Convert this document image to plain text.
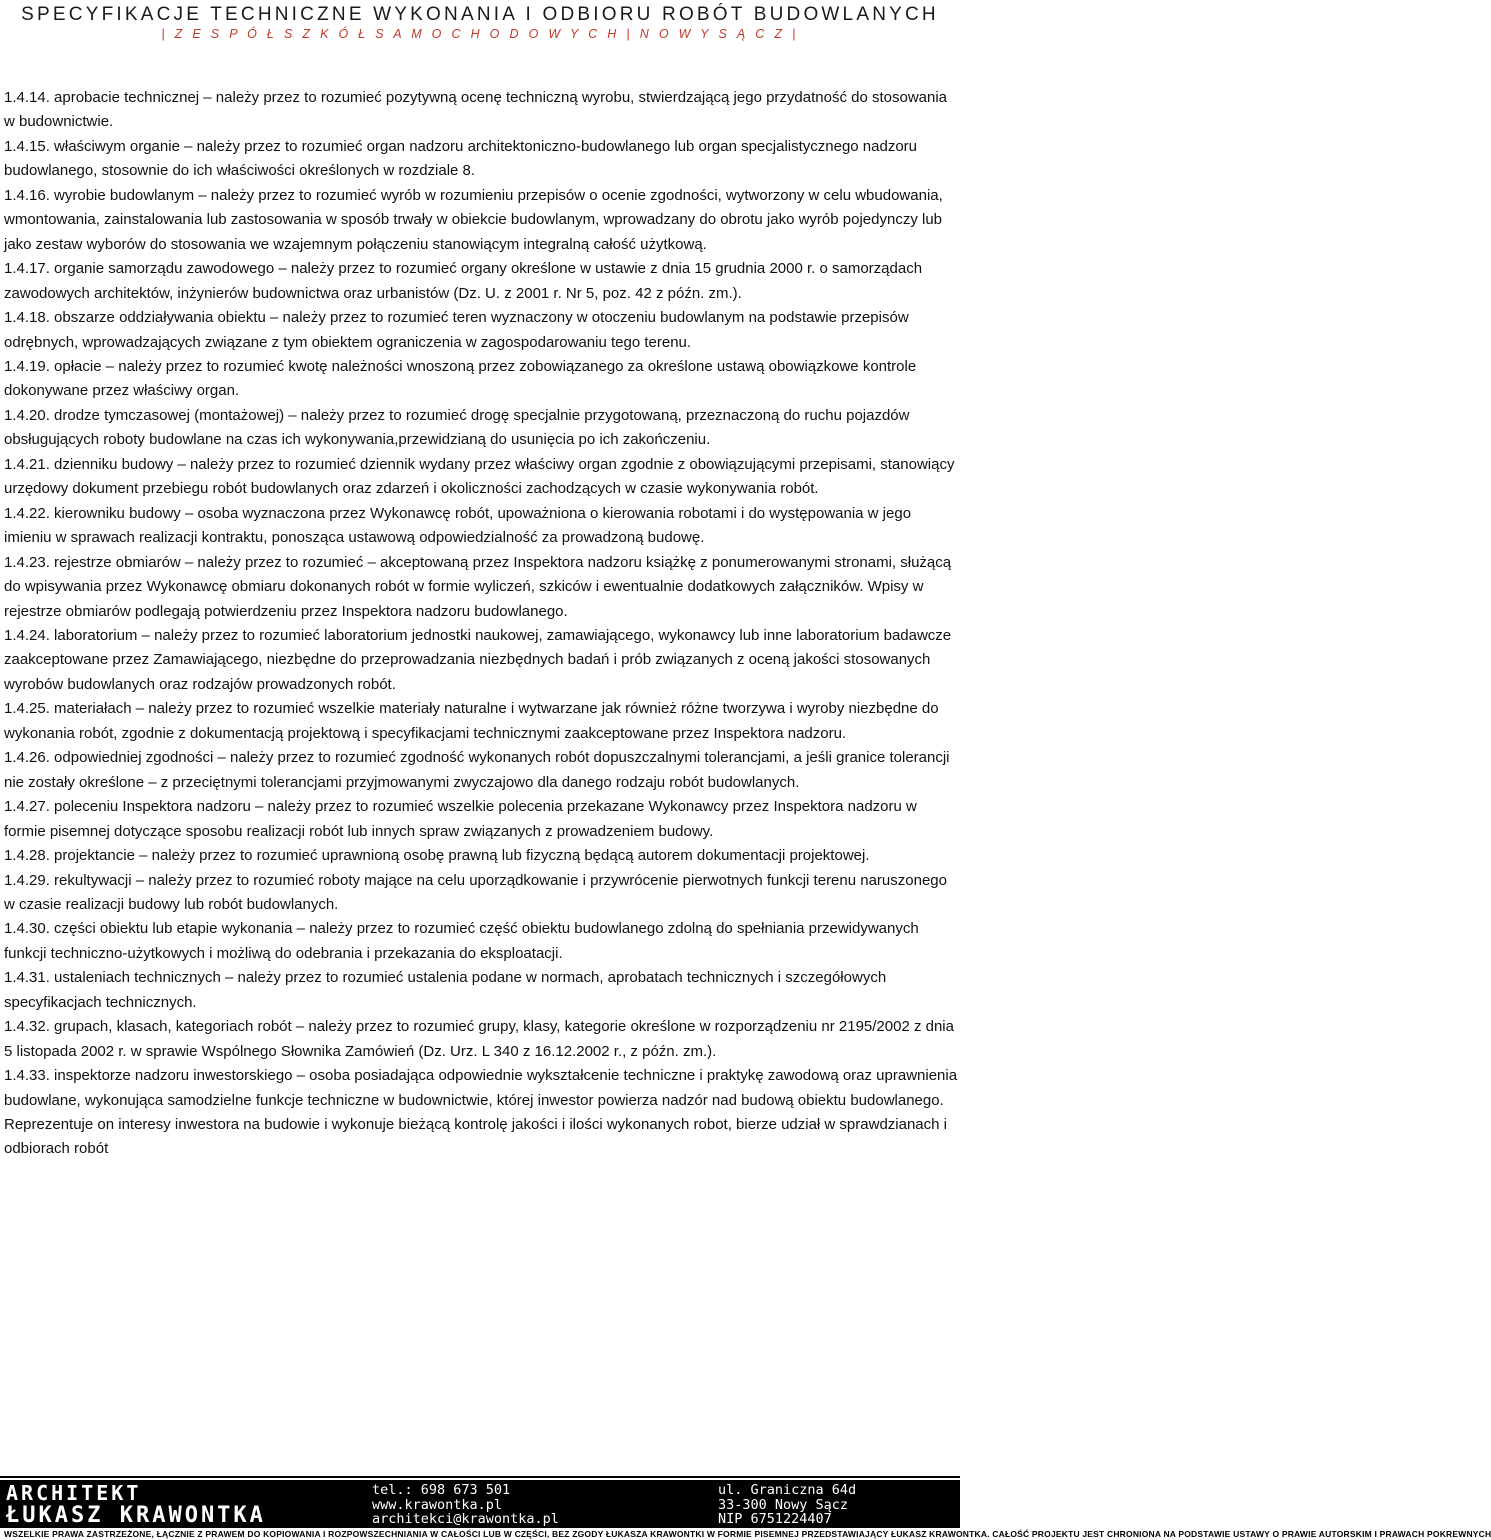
SPECYFIKACJE TECHNICZNE WYKONANIA I ODBIORU ROBÓT BUDOWLANYCH
| Z E S P Ó Ł S Z K Ó Ł S A M O C H O D O W Y C H | N O W Y S Ą C Z |

1.4.14. aprobacie technicznej – należy przez to rozumieć pozytywną ocenę techniczną wyrobu, stwierdzającą jego przydatność do stosowania w budownictwie.

1.4.15. właściwym organie – należy przez to rozumieć organ nadzoru architektoniczno-budowlanego lub organ specjalistycznego nadzoru budowlanego, stosownie do ich właściwości określonych w rozdziale 8.

1.4.16. wyrobie budowlanym – należy przez to rozumieć wyrób w rozumieniu przepisów o ocenie zgodności, wytworzony w celu wbudowania, wmontowania, zainstalowania lub zastosowania w sposób trwały w obiekcie budowlanym, wprowadzany do obrotu jako wyrób pojedynczy lub jako zestaw wyborów do stosowania we wzajemnym połączeniu stanowiącym integralną całość użytkową.

1.4.17. organie samorządu zawodowego – należy przez to rozumieć organy określone w ustawie z dnia 15 grudnia 2000 r. o samorządach zawodowych architektów, inżynierów budownictwa oraz urbanistów (Dz. U. z 2001 r. Nr 5, poz. 42 z późn. zm.).

1.4.18. obszarze oddziaływania obiektu – należy przez to rozumieć teren wyznaczony w otoczeniu budowlanym na podstawie przepisów odrębnych, wprowadzających związane z tym obiektem ograniczenia w zagospodarowaniu tego terenu.

1.4.19. opłacie – należy przez to rozumieć kwotę należności wnoszoną przez zobowiązanego za określone ustawą obowiązkowe kontrole dokonywane przez właściwy organ.

1.4.20. drodze tymczasowej (montażowej) – należy przez to rozumieć drogę specjalnie przygotowaną, przeznaczoną do ruchu pojazdów obsługujących roboty budowlane na czas ich wykonywania,przewidzianą do usunięcia po ich zakończeniu.

1.4.21. dzienniku budowy – należy przez to rozumieć dziennik wydany przez właściwy organ zgodnie z obowiązującymi przepisami, stanowiący urzędowy dokument przebiegu robót budowlanych oraz zdarzeń i okoliczności zachodzących w czasie wykonywania robót.

1.4.22. kierowniku budowy – osoba wyznaczona przez Wykonawcę robót, upoważniona o kierowania robotami i do występowania w jego imieniu w sprawach realizacji kontraktu, ponosząca ustawową odpowiedzialność za prowadzoną budowę.

1.4.23. rejestrze obmiarów – należy przez to rozumieć – akceptowaną przez Inspektora nadzoru książkę z ponumerowanymi stronami, służącą do wpisywania przez Wykonawcę obmiaru dokonanych robót w formie wyliczeń, szkiców i ewentualnie dodatkowych załączników. Wpisy w rejestrze obmiarów podlegają potwierdzeniu przez Inspektora nadzoru budowlanego.

1.4.24. laboratorium – należy przez to rozumieć laboratorium jednostki naukowej, zamawiającego, wykonawcy lub inne laboratorium badawcze zaakceptowane przez Zamawiającego, niezbędne do przeprowadzania niezbędnych badań i prób związanych z oceną jakości stosowanych wyrobów budowlanych oraz rodzajów prowadzonych robót.

1.4.25. materiałach – należy przez to rozumieć wszelkie materiały naturalne i wytwarzane jak również różne tworzywa i wyroby niezbędne do wykonania robót, zgodnie z dokumentacją projektową i specyfikacjami technicznymi zaakceptowane przez Inspektora nadzoru.

1.4.26. odpowiedniej zgodności – należy przez to rozumieć zgodność wykonanych robót dopuszczalnymi tolerancjami, a jeśli granice tolerancji nie zostały określone – z przeciętnymi tolerancjami przyjmowanymi zwyczajowo dla danego rodzaju robót budowlanych.

1.4.27. poleceniu Inspektora nadzoru – należy przez to rozumieć wszelkie polecenia przekazane Wykonawcy przez Inspektora nadzoru w formie pisemnej dotyczące sposobu realizacji robót lub innych spraw związanych z prowadzeniem budowy.

1.4.28. projektancie – należy przez to rozumieć uprawnioną osobę prawną lub fizyczną będącą autorem dokumentacji projektowej.

1.4.29. rekultywacji – należy przez to rozumieć roboty mające na celu uporządkowanie i przywrócenie pierwotnych funkcji terenu naruszonego w czasie realizacji budowy lub robót budowlanych.

1.4.30. części obiektu lub etapie wykonania – należy przez to rozumieć część obiektu budowlanego zdolną do spełniania przewidywanych funkcji techniczno-użytkowych i możliwą do odebrania i przekazania do eksploatacji.

1.4.31. ustaleniach technicznych – należy przez to rozumieć ustalenia podane w normach, aprobatach technicznych i szczegółowych specyfikacjach technicznych.

1.4.32. grupach, klasach, kategoriach robót – należy przez to rozumieć grupy, klasy, kategorie określone w rozporządzeniu nr 2195/2002 z dnia 5 listopada 2002 r. w sprawie Wspólnego Słownika Zamówień (Dz. Urz. L 340 z 16.12.2002 r., z późn. zm.).

1.4.33. inspektorze nadzoru inwestorskiego – osoba posiadająca odpowiednie wykształcenie techniczne i praktykę zawodową oraz uprawnienia budowlane, wykonująca samodzielne funkcje techniczne w budownictwie, której inwestor powierza nadzór nad budową obiektu budowlanego. Reprezentuje on interesy inwestora na budowie i wykonuje bieżącą kontrolę jakości i ilości wykonanych robot, bierze udział w sprawdzianach i odbiorach robót

ARCHITEKT
ŁUKASZ KRAWONTKA
tel.: 698 673 501
www.krawontka.pl
architekci@krawontka.pl
ul. Graniczna 64d
33-300 Nowy Sącz
NIP 6751224407
WSZELKIE PRAWA ZASTRZEŻONE, ŁĄCZNIE Z PRAWEM DO KOPIOWANIA I ROZPOWSZECHNIANIA W CAŁOŚCI LUB W CZĘŚCI, BEZ ZGODY ŁUKASZA KRAWONTKI W FORMIE PISEMNEJ PRZEDSTAWIAJĄCY ŁUKASZ KRAWONTKA. CAŁOŚĆ PROJEKTU JEST CHRONIONA NA PODSTAWIE USTAWY O PRAWIE AUTORSKIM I PRAWACH POKREWNYCH
